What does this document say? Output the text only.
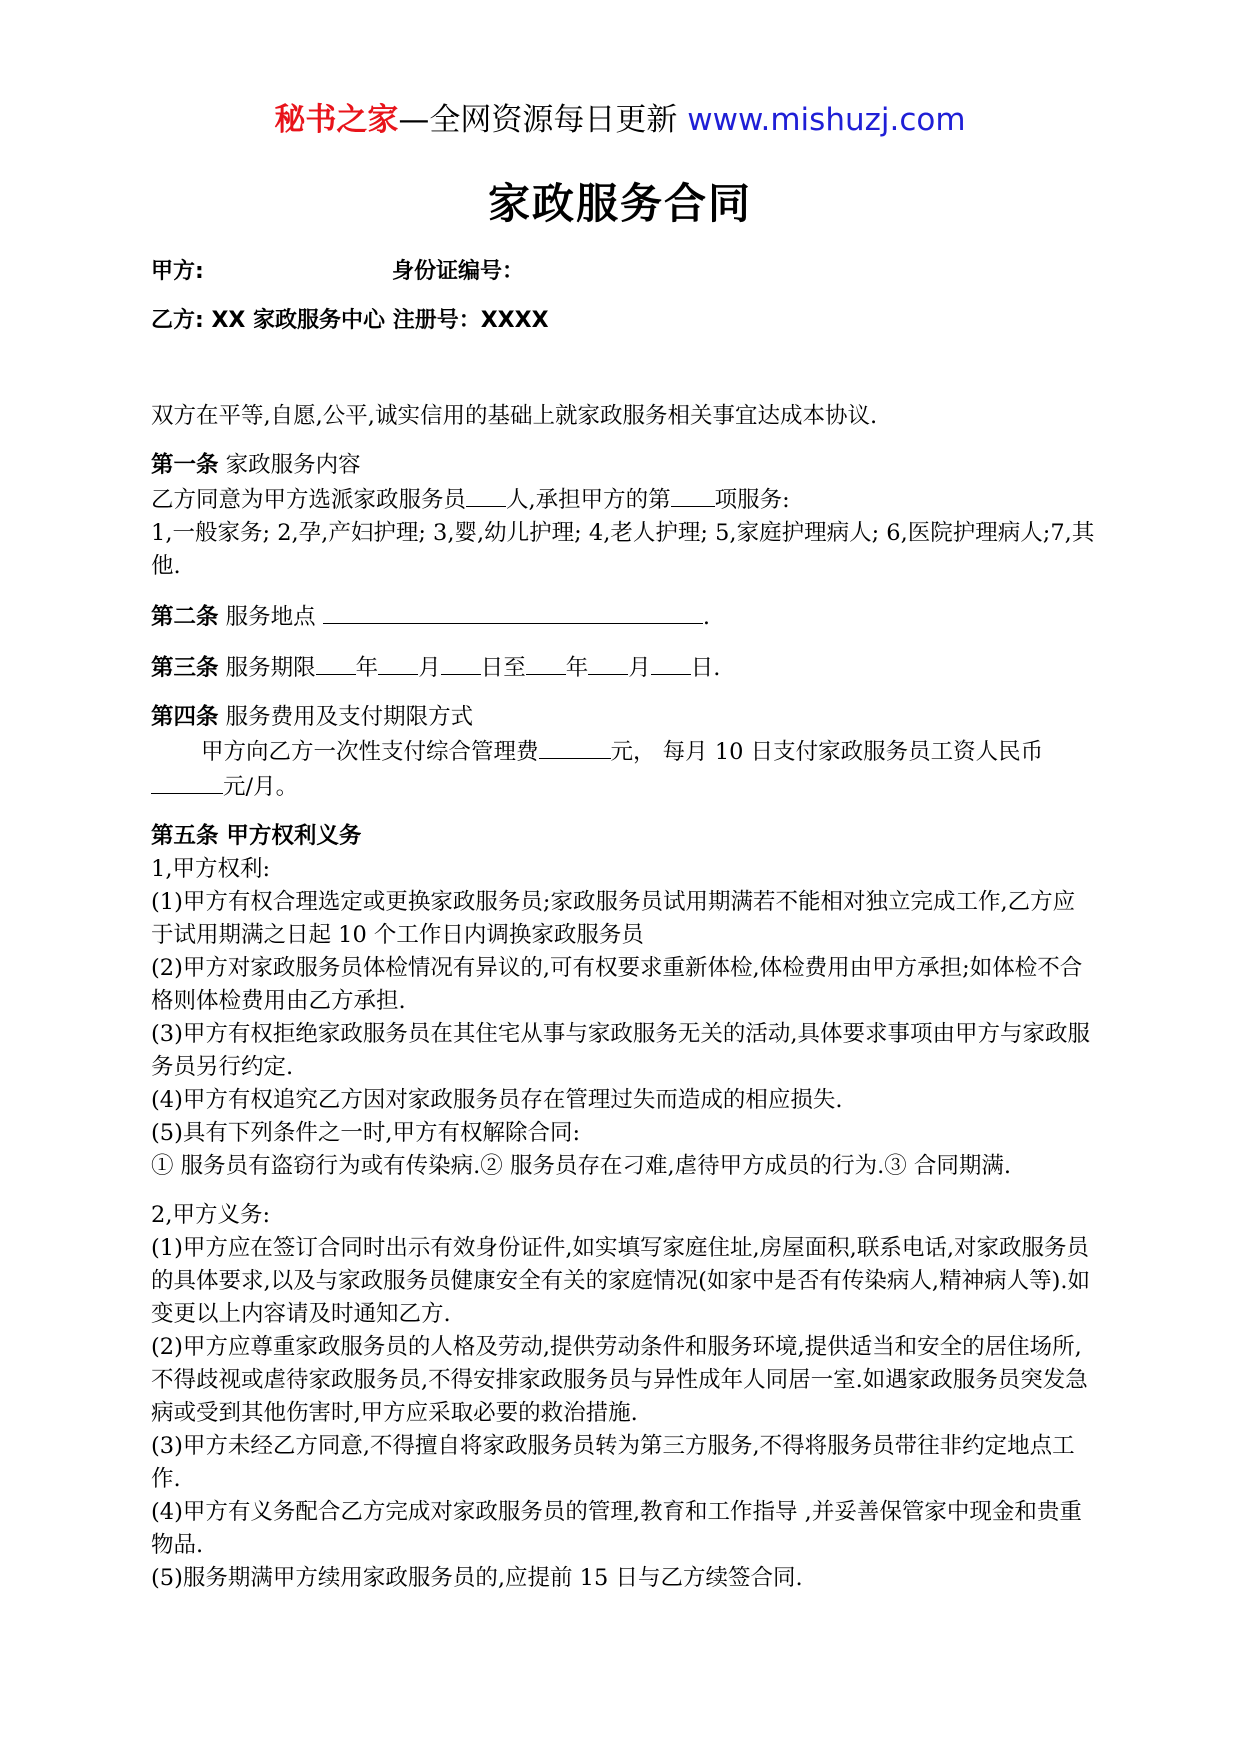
秘书之家—全网资源每日更新 www.mishuzj.com
家政服务合同
甲方:	身份证编号：
乙方: XX 家政服务中心 注册号：XXXX

双方在平等,自愿,公平,诚实信用的基础上就家政服务相关事宜达成本协议.

第一条 家政服务内容

乙方同意为甲方选派家政服务员 人,承担甲方的第 项服务:

1,一般家务; 2,孕,产妇护理; 3,婴,幼儿护理; 4,老人护理; 5,家庭护理病人; 6,医院护理病人;7,其他.

第二条 服务地点	.

第三条 服务期限 年 月 日至 年 月 日.

第四条 服务费用及支付期限方式

甲方向乙方一次性支付综合管理费	元， 每月 10 日支付家政服务员工资人民币元/月。

第五条 甲方权利义务

1,甲方权利:

(1)甲方有权合理选定或更换家政服务员;家政服务员试用期满若不能相对独立完成工作,乙方应于试用期满之日起 10 个工作日内调换家政服务员

(2)甲方对家政服务员体检情况有异议的,可有权要求重新体检,体检费用由甲方承担;如体检不合格则体检费用由乙方承担.

(3)甲方有权拒绝家政服务员在其住宅从事与家政服务无关的活动,具体要求事项由甲方与家政服务员另行约定.

(4)甲方有权追究乙方因对家政服务员存在管理过失而造成的相应损失.

(5)具有下列条件之一时,甲方有权解除合同:

① 服务员有盗窃行为或有传染病.② 服务员存在刁难,虐待甲方成员的行为.③ 合同期满.

2,甲方义务:

(1)甲方应在签订合同时出示有效身份证件,如实填写家庭住址,房屋面积,联系电话,对家政服务员的具体要求,以及与家政服务员健康安全有关的家庭情况(如家中是否有传染病人,精神病人等).如变更以上内容请及时通知乙方.

(2)甲方应尊重家政服务员的人格及劳动,提供劳动条件和服务环境,提供适当和安全的居住场所,不得歧视或虐待家政服务员,不得安排家政服务员与异性成年人同居一室.如遇家政服务员突发急病或受到其他伤害时,甲方应采取必要的救治措施.

(3)甲方未经乙方同意,不得擅自将家政服务员转为第三方服务,不得将服务员带往非约定地点工作.

(4)甲方有义务配合乙方完成对家政服务员的管理,教育和工作指导 ,并妥善保管家中现金和贵重物品.

(5)服务期满甲方续用家政服务员的,应提前 15 日与乙方续签合同.
